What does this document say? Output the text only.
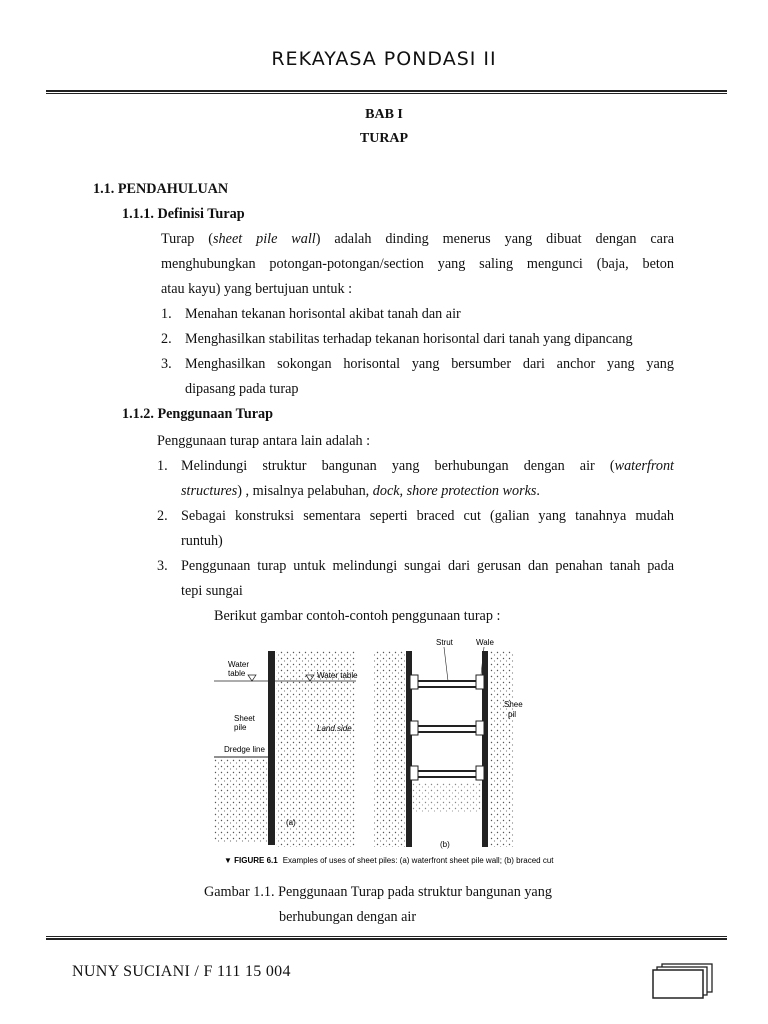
REKAYASA PONDASI II
BAB I
TURAP
1.1. PENDAHULUAN
1.1.1. Definisi Turap
Turap (sheet pile wall) adalah dinding menerus yang dibuat dengan cara
menghubungkan potongan-potongan/section yang saling mengunci (baja, beton
atau kayu) yang bertujuan untuk :
1. Menahan tekanan horisontal akibat tanah dan air
2. Menghasilkan stabilitas terhadap tekanan horisontal dari tanah yang dipancang
3. Menghasilkan sokongan horisontal yang bersumber dari anchor yang yang
dipasang pada turap
1.1.2. Penggunaan Turap
Penggunaan turap antara lain adalah :
1. Melindungi struktur bangunan yang berhubungan dengan air (waterfront
structures) , misalnya pelabuhan, dock, shore protection works.
2. Sebagai konstruksi sementara seperti braced cut (galian yang tanahnya mudah
runtuh)
3. Penggunaan turap untuk melindungi sungai dari gerusan dan penahan tanah pada
tepi sungai
Berikut gambar contoh-contoh penggunaan turap :
Water
table	Water table
Sheet
pile	Land side
Dredge line
(a)
Strut	Wale
Shee
pil
(b)
▼ FIGURE 6.1 Examples of uses of sheet piles: (a) waterfront sheet pile wall; (b) braced cut
Gambar 1.1. Penggunaan Turap pada struktur bangunan yang
berhubungan dengan air
NUNY SUCIANI / F 111 15 004
